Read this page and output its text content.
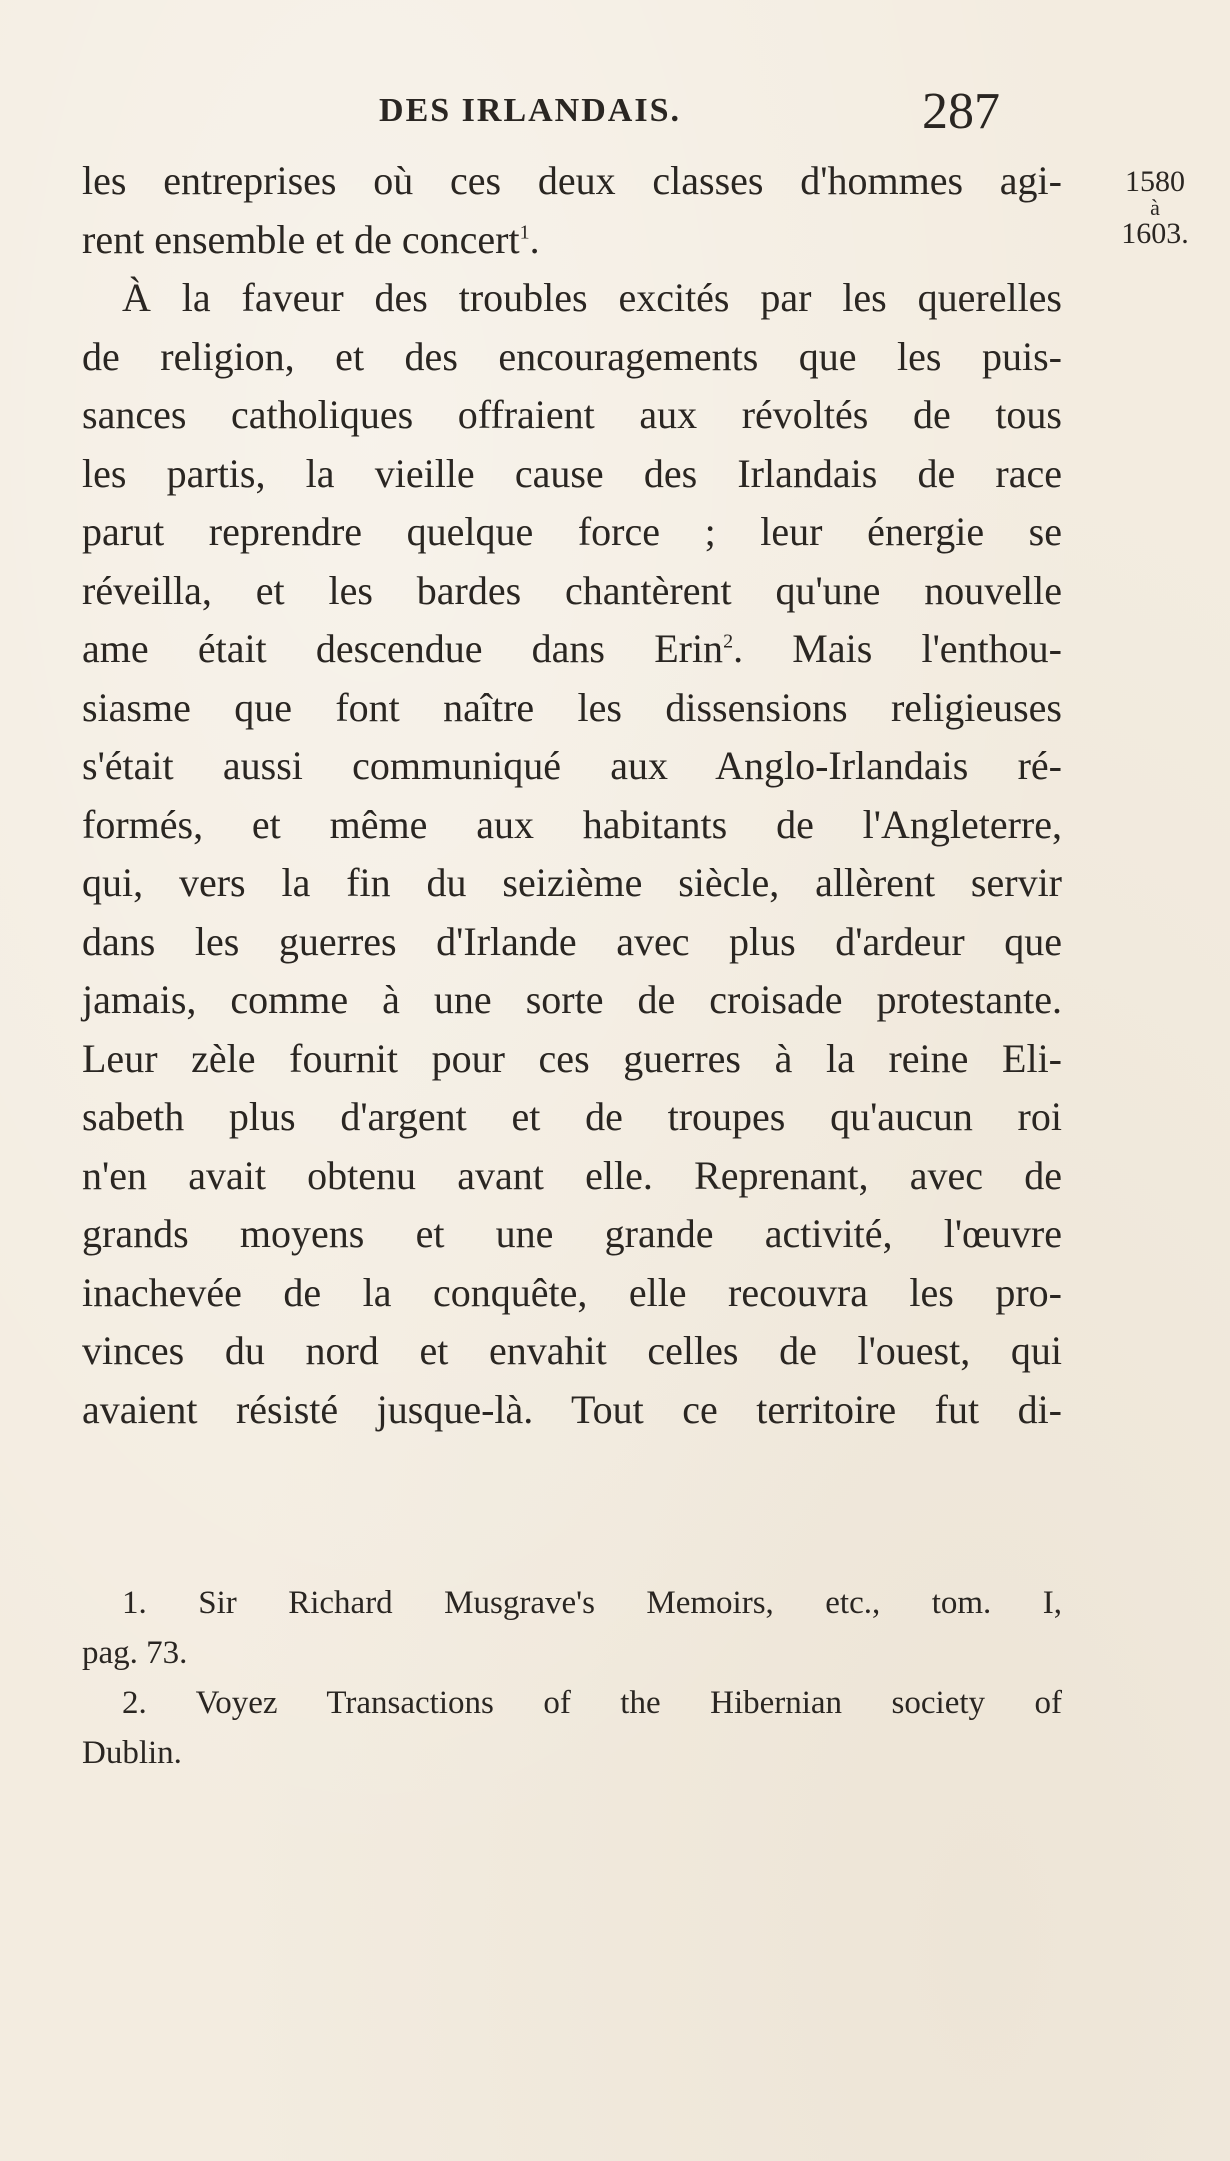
DES IRLANDAIS.	287
1580
à
1603.
les entreprises où ces deux classes d'hommes agi-
rent ensemble et de concert$^1$.
À la faveur des troubles excités par les querelles
de religion, et des encouragements que les puis-
sances catholiques offraient aux révoltés de tous
les partis, la vieille cause des Irlandais de race
parut reprendre quelque force ; leur énergie se
réveilla, et les bardes chantèrent qu'une nouvelle
ame était descendue dans Erin$^2$. Mais l'enthou-
siasme que font naître les dissensions religieuses
s'était aussi communiqué aux Anglo-Irlandais ré-
formés, et même aux habitants de l'Angleterre,
qui, vers la fin du seizième siècle, allèrent servir
dans les guerres d'Irlande avec plus d'ardeur que
jamais, comme à une sorte de croisade protestante.
Leur zèle fournit pour ces guerres à la reine Eli-
sabeth plus d'argent et de troupes qu'aucun roi
n'en avait obtenu avant elle. Reprenant, avec de
grands moyens et une grande activité, l'œuvre
inachevée de la conquête, elle recouvra les pro-
vinces du nord et envahit celles de l'ouest, qui
avaient résisté jusque-là. Tout ce territoire fut di-
1. Sir Richard Musgrave's Memoirs, etc., tom. I,
pag. 73.
2. Voyez Transactions of the Hibernian society of
Dublin.
